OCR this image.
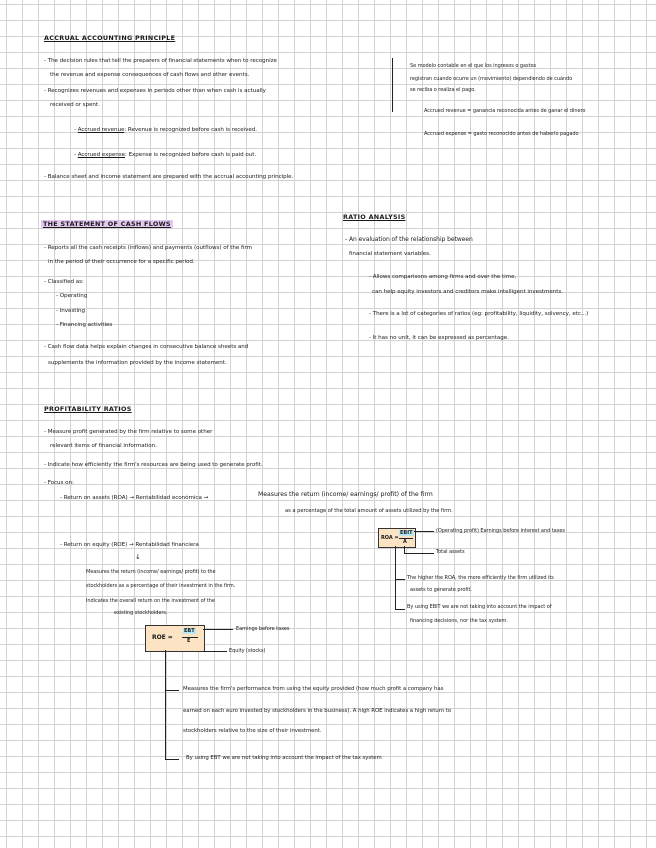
ACCRUAL ACCOUNTING PRINCIPLE
- The decision rules that tell the preparers of financial statements when to recognize
the revenue and expense consequences of cash flows and other events.
- Recognizes revenues and expenses in periods other than when cash is actually
received or spent.
- Accrued revenue: Revenue is recognized before cash is received.
- Accrued expense: Expense is recognized before cash is paid out.
- Balance sheet and income statement are prepared with the accrual accounting principle.
Se modelo contable en el que los ingresos o gastos
registran cuando ocurre un (movimiento) dependiendo de cuándo
se reciba o realiza el pago.
Accrued revenue = ganancia reconocida antes de ganar el dinero
Accrued expense = gasto reconocido antes de haberlo pagado
THE STATEMENT OF CASH FLOWS
- Reports all the cash receipts (inflows) and payments (outflows) of the firm
in the period of their occurrence for a specific period.
- Classified as:
- Operating
- Investing
- Financing activities
- Cash flow data helps explain changes in consecutive balance sheets and
supplements the information provided by the income statement.
RATIO ANALYSIS
- An evaluation of the relationship between
financial statement variables.
- Allows comparisons among firms and over the time,
can help equity investors and creditors make intelligent investments.
- There is a lot of categories of ratios (eg: profitability, liquidity, solvency, etc...)
- It has no unit, it can be expressed as percentage.
PROFITABILITY RATIOS
- Measure profit generated by the firm relative to some other
relevant items of financial information.
- Indicate how efficiently the firm's resources are being used to generate profit.
- Focus on:
- Return on assets (ROA) → Rentabilidad económica →	Measures the return (income/ earnings/ profit) of the firm
as a percentage of the total amount of assets utilized by the firm.
ROA =
EBIT
A
(Operating profit) Earnings before interest and taxes
Total assets
The higher the ROA, the more efficiently the firm utilized its
assets to generate profit.
By using EBIT we are not taking into account the impact of
financing decisions, nor the tax system.
- Return on equity (ROE) → Rentabilidad financiera
↓
Measures the return (income/ earnings/ profit) to the
stockholders as a percentage of their investment in the firm.
Indicates the overall return on the investment of the
existing stockholders.
ROE =
EBT
E
Earnings before taxes
Equity (stocks)
Measures the firm's performance from using the equity provided (how much profit a company has
earned on each euro invested by stockholders in the business). A high ROE indicates a high return to
stockholders relative to the size of their investment.
By using EBT we are not taking into account the impact of the tax system
